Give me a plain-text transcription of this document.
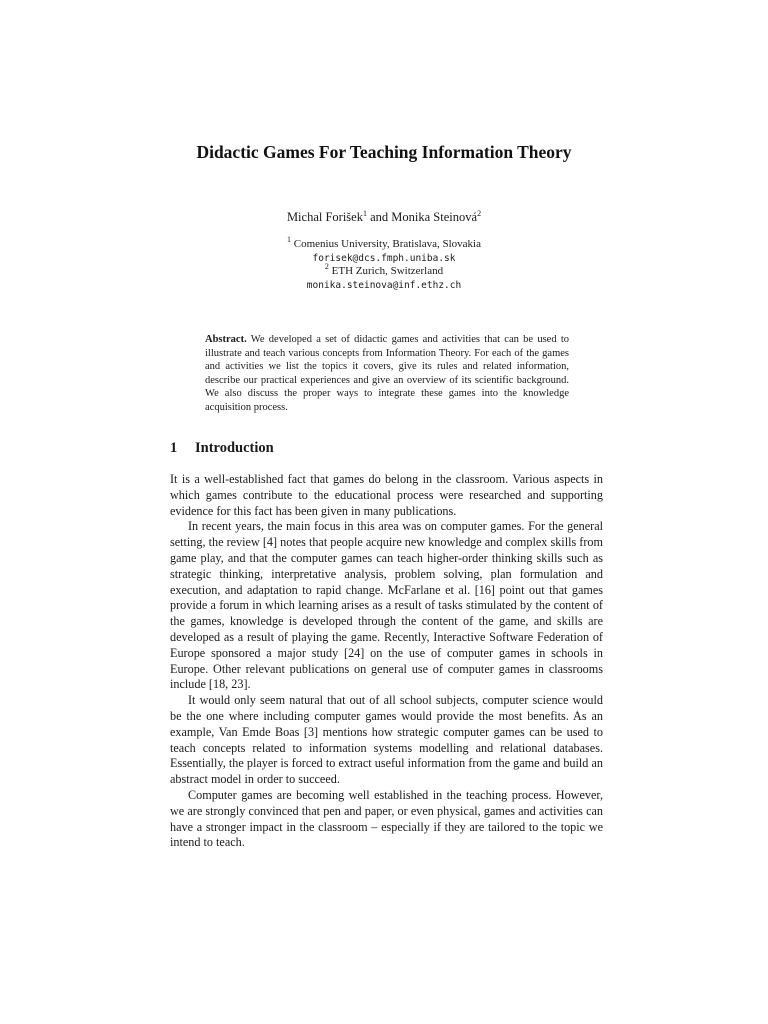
Didactic Games For Teaching Information Theory
Michal Forišek$^1$ and Monika Steinová$^2$
$^1$ Comenius University, Bratislava, Slovakia
forisek@dcs.fmph.uniba.sk
$^2$ ETH Zurich, Switzerland
monika.steinova@inf.ethz.ch
Abstract. We developed a set of didactic games and activities that can be used to illustrate and teach various concepts from Information Theory. For each of the games and activities we list the topics it covers, give its rules and related information, describe our practical experiences and give an overview of its scientific background. We also discuss the proper ways to integrate these games into the knowledge acquisition process.
1 Introduction

It is a well-established fact that games do belong in the classroom. Various aspects in which games contribute to the educational process were researched and supporting evidence for this fact has been given in many publications.

In recent years, the main focus in this area was on computer games. For the general setting, the review [4] notes that people acquire new knowledge and complex skills from game play, and that the computer games can teach higher-order thinking skills such as strategic thinking, interpretative analysis, problem solving, plan formulation and execution, and adaptation to rapid change. McFarlane et al. [16] point out that games provide a forum in which learning arises as a result of tasks stimulated by the content of the games, knowledge is developed through the content of the game, and skills are developed as a result of playing the game. Recently, Interactive Software Federation of Europe sponsored a major study [24] on the use of computer games in schools in Europe. Other relevant publications on general use of computer games in classrooms include [18, 23].

It would only seem natural that out of all school subjects, computer science would be the one where including computer games would provide the most benefits. As an example, Van Emde Boas [3] mentions how strategic computer games can be used to teach concepts related to information systems modelling and relational databases. Essentially, the player is forced to extract useful information from the game and build an abstract model in order to succeed.

Computer games are becoming well established in the teaching process. However, we are strongly convinced that pen and paper, or even physical, games and activities can have a stronger impact in the classroom – especially if they are tailored to the topic we intend to teach.
